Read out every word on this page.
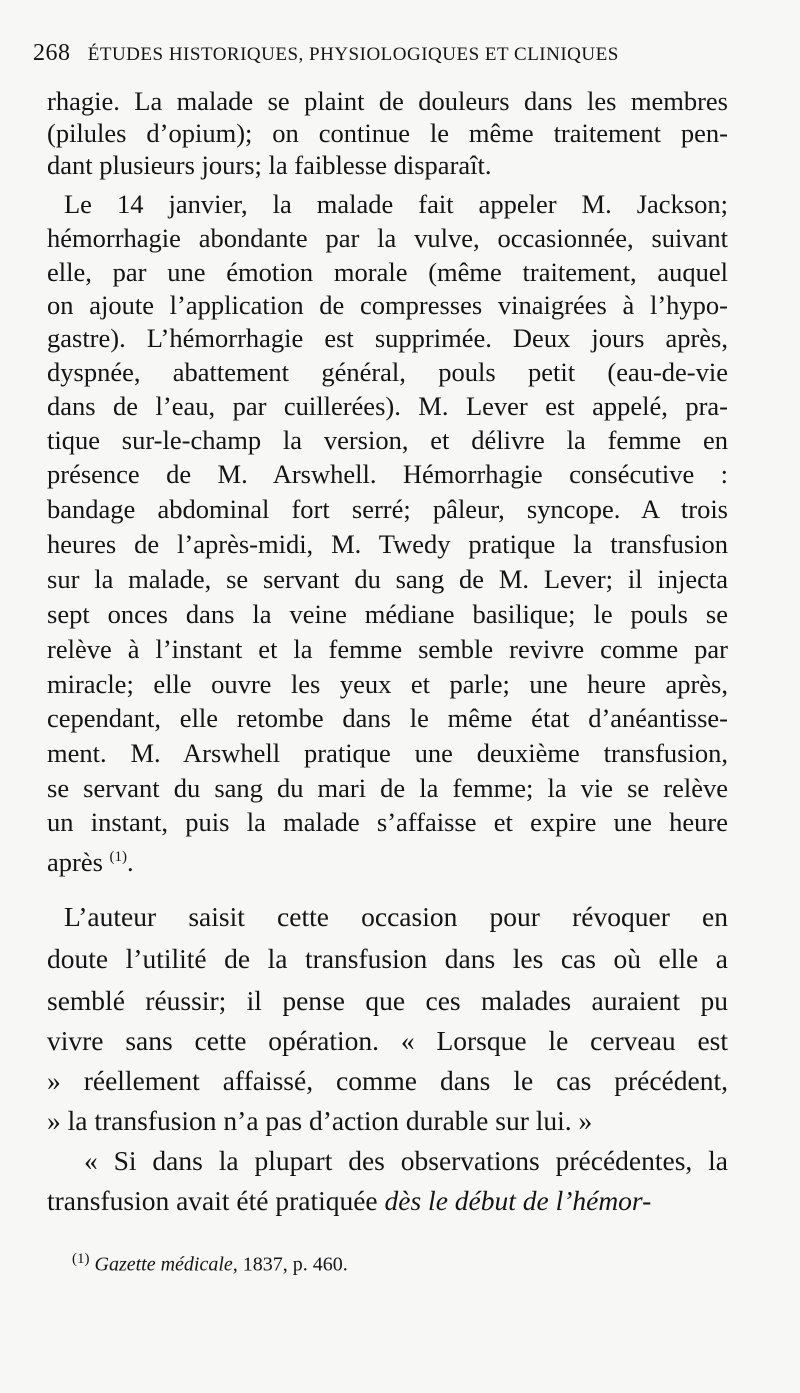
268 ÉTUDES HISTORIQUES, PHYSIOLOGIQUES ET CLINIQUES
rhagie. La malade se plaint de douleurs dans les membres
(pilules d’opium); on continue le même traitement pen-
dant plusieurs jours; la faiblesse disparaît.
Le 14 janvier, la malade fait appeler M. Jackson;
hémorrhagie abondante par la vulve, occasionnée, suivant
elle, par une émotion morale (même traitement, auquel
on ajoute l’application de compresses vinaigrées à l’hypo-
gastre). L’hémorrhagie est supprimée. Deux jours après,
dyspnée, abattement général, pouls petit (eau-de-vie
dans de l’eau, par cuillerées). M. Lever est appelé, pra-
tique sur-le-champ la version, et délivre la femme en
présence de M. Arswhell. Hémorrhagie consécutive :
bandage abdominal fort serré; pâleur, syncope. A trois
heures de l’après-midi, M. Twedy pratique la transfusion
sur la malade, se servant du sang de M. Lever; il injecta
sept onces dans la veine médiane basilique; le pouls se
relève à l’instant et la femme semble revivre comme par
miracle; elle ouvre les yeux et parle; une heure après,
cependant, elle retombe dans le même état d’anéantisse-
ment. M. Arswhell pratique une deuxième transfusion,
se servant du sang du mari de la femme; la vie se relève
un instant, puis la malade s’affaisse et expire une heure
après $^{(1)}$.
L’auteur saisit cette occasion pour révoquer en
doute l’utilité de la transfusion dans les cas où elle a
semblé réussir; il pense que ces malades auraient pu
vivre sans cette opération. « Lorsque le cerveau est
» réellement affaissé, comme dans le cas précédent,
» la transfusion n’a pas d’action durable sur lui. »
« Si dans la plupart des observations précédentes, la
transfusion avait été pratiquée dès le début de l’hémor-
$^{(1)}$ Gazette médicale, 1837, p. 460.
